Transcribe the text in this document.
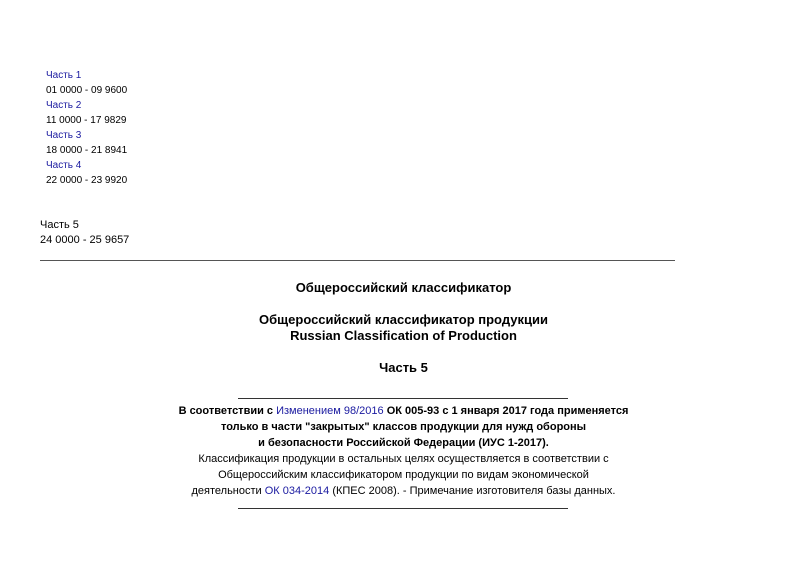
Часть 1
01 0000 - 09 9600
Часть 2
11 0000 - 17 9829
Часть 3
18 0000 - 21 8941
Часть 4
22 0000 - 23 9920
Часть 5
24 0000 - 25 9657
Общероссийский классификатор
Общероссийский классификатор продукции
Russian Classification of Production
Часть 5
В соответствии с Изменением 98/2016 ОК 005-93 с 1 января 2017 года применяется
только в части "закрытых" классов продукции для нужд обороны
и безопасности Российской Федерации (ИУС 1-2017).
Классификация продукции в остальных целях осуществляется в соответствии с
Общероссийским классификатором продукции по видам экономической
деятельности ОК 034-2014 (КПЕС 2008). - Примечание изготовителя базы данных.
